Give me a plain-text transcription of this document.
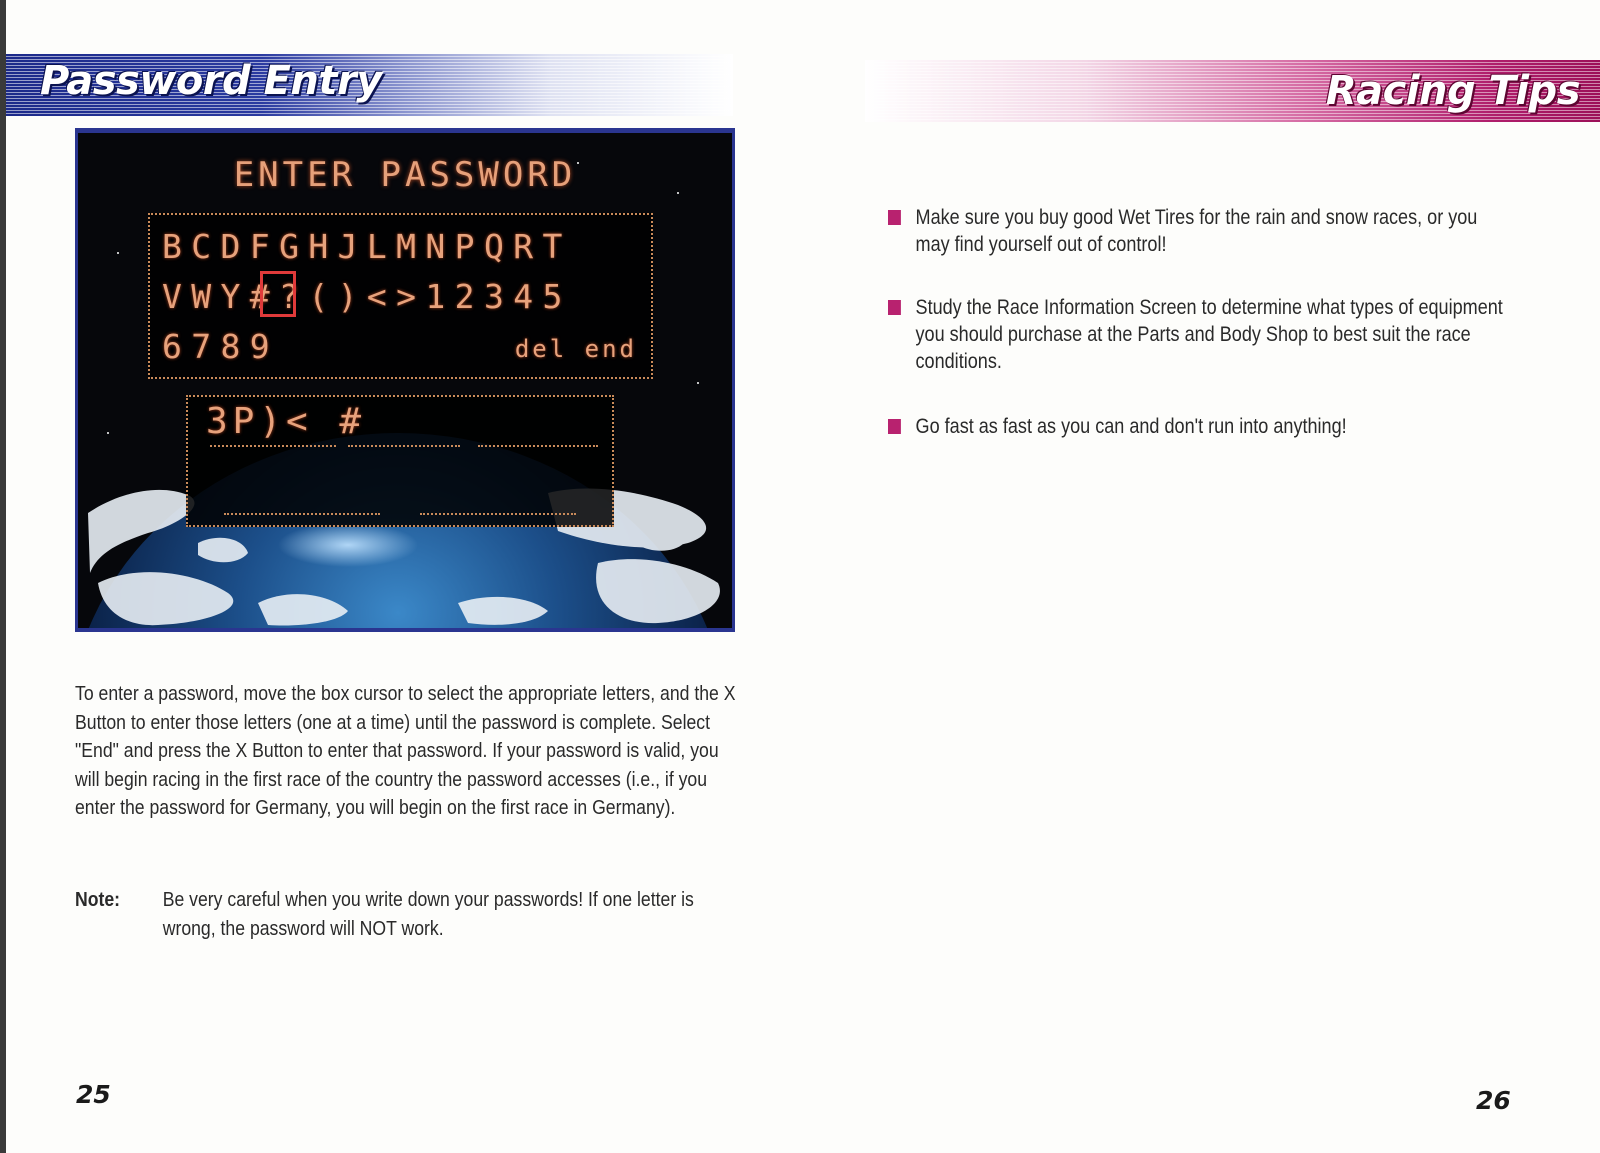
Password Entry
ENTER PASSWORD
BCDFGHJLMNPQRT
VWY#?()<>12345
6789	del end
3P)< #
To enter a password, move the box cursor to select the appropriate letters, and the X Button to enter those letters (one at a time) until the password is complete. Select "End" and press the X Button to enter that password. If your password is valid, you will begin racing in the first race of the country the password accesses (i.e., if you enter the password for Germany, you will begin on the first race in Germany).
Note: Be very careful when you write down your passwords! If one letter is wrong, the password will NOT work.
25
Racing Tips
Make sure you buy good Wet Tires for the rain and snow races, or you may find yourself out of control!
Study the Race Information Screen to determine what types of equipment you should purchase at the Parts and Body Shop to best suit the race conditions.
Go fast as fast as you can and don't run into anything!
26
